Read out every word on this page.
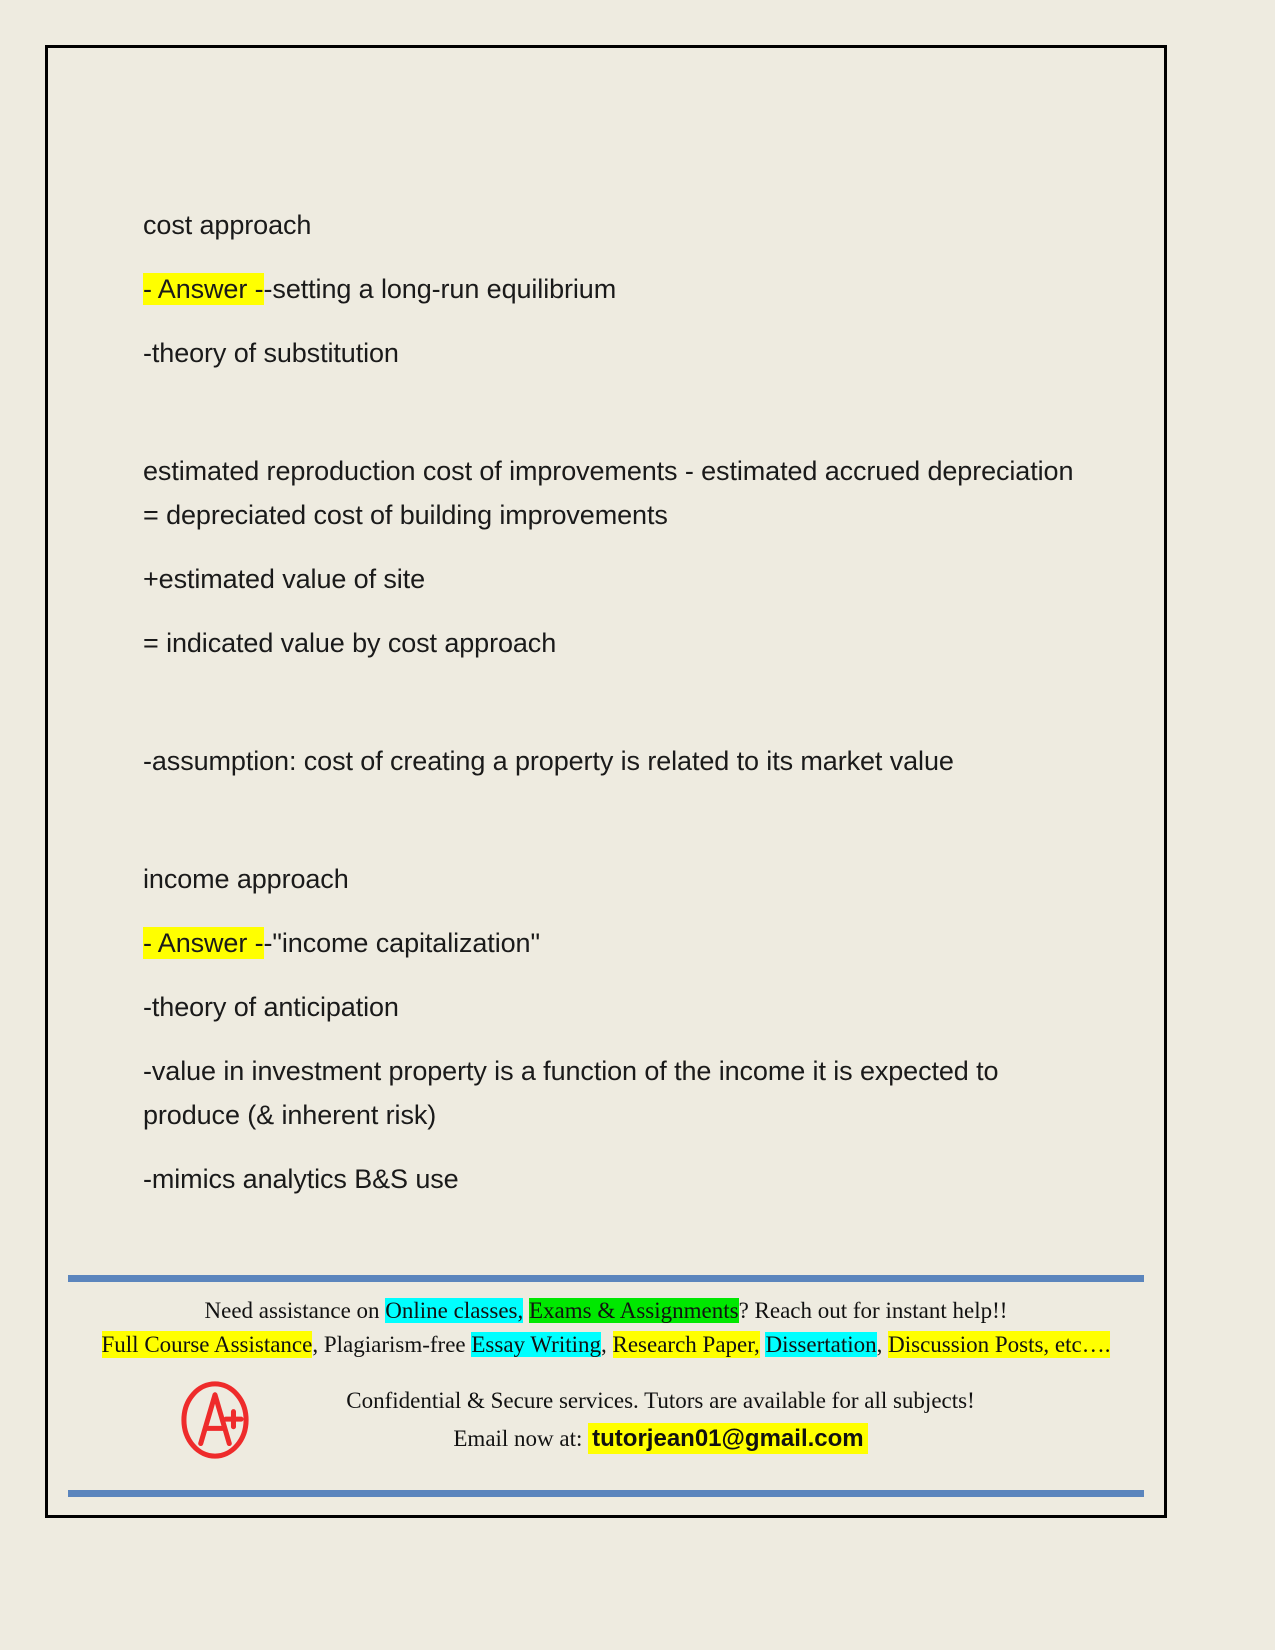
cost approach

- Answer --setting a long-run equilibrium

-theory of substitution

estimated reproduction cost of improvements - estimated accrued depreciation = depreciated cost of building improvements

+estimated value of site

= indicated value by cost approach

-assumption: cost of creating a property is related to its market value

income approach

- Answer --"income capitalization"

-theory of anticipation

-value in investment property is a function of the income it is expected to produce (& inherent risk)

-mimics analytics B&S use

Need assistance on Online classes, Exams & Assignments? Reach out for instant help!!
Full Course Assistance, Plagiarism-free Essay Writing, Research Paper, Dissertation, Discussion Posts, etc….
Confidential & Secure services. Tutors are available for all subjects!
Email now at: tutorjean01@gmail.com
